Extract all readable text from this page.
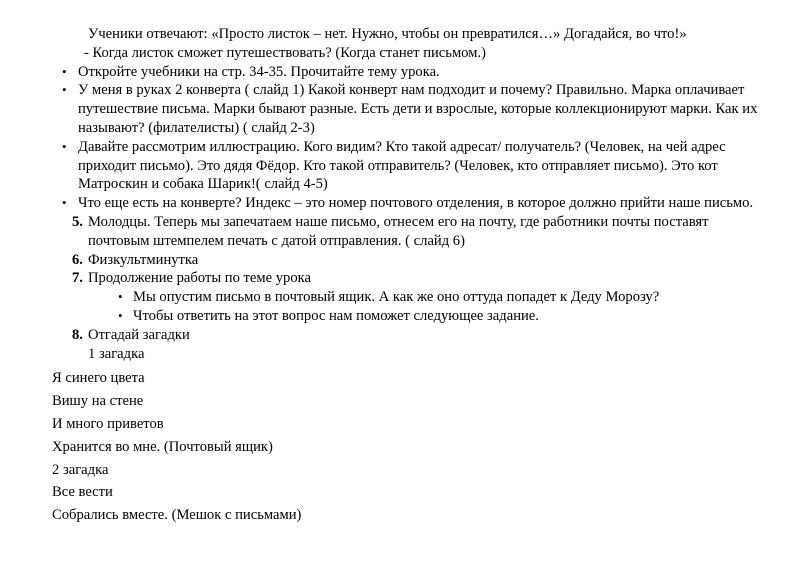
Ученики отвечают: «Просто листок – нет. Нужно, чтобы он превратился…» Догадайся, во что!»
- Когда листок сможет путешествовать? (Когда станет письмом.)
• Откройте учебники на стр. 34-35. Прочитайте тему урока.
• У меня в руках 2 конверта ( слайд 1) Какой конверт нам подходит и почему? Правильно. Марка оплачивает путешествие письма. Марки бывают разные. Есть дети и взрослые, которые коллекционируют марки. Как их называют? (филателисты) ( слайд 2-3)
• Давайте рассмотрим иллюстрацию. Кого видим? Кто такой адресат/ получатель? (Человек, на чей адрес приходит письмо). Это дядя Фёдор. Кто такой отправитель? (Человек, кто отправляет письмо). Это кот Матроскин и собака Шарик!( слайд 4-5)
• Что еще есть на конверте? Индекс – это номер почтового отделения, в которое должно прийти наше письмо.
5. Молодцы. Теперь мы запечатаем наше письмо, отнесем его на почту, где работники почты поставят почтовым штемпелем печать с датой отправления. ( слайд 6)
6. Физкультминутка
7. Продолжение работы по теме урока
• Мы опустим письмо в почтовый ящик. А как же оно оттуда попадет к Деду Морозу?
• Чтобы ответить на этот вопрос нам поможет следующее задание.
8. Отгадай загадки
1 загадка
Я синего цвета
Вишу на стене
И много приветов
Хранится во мне. (Почтовый ящик)
2 загадка
Все вести
Собрались вместе. (Мешок с письмами)
